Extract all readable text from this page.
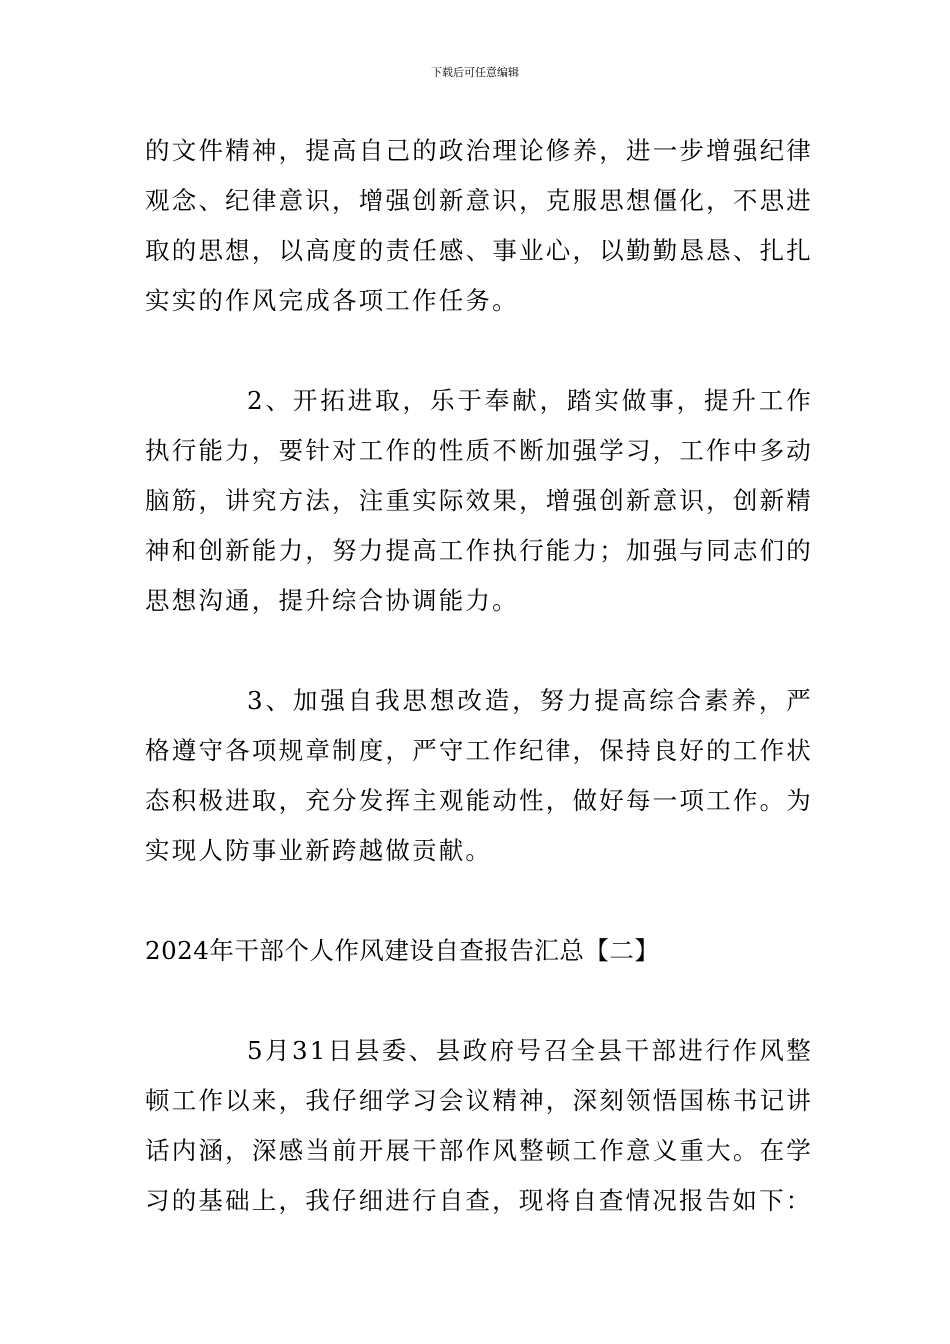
下载后可任意编辑

的文件精神，提高自己的政治理论修养，进一步增强纪律观念、纪律意识，增强创新意识，克服思想僵化，不思进取的思想，以高度的责任感、事业心，以勤勤恳恳、扎扎实实的作风完成各项工作任务。

2、开拓进取，乐于奉献，踏实做事，提升工作执行能力，要针对工作的性质不断加强学习，工作中多动脑筋，讲究方法，注重实际效果，增强创新意识，创新精神和创新能力，努力提高工作执行能力；加强与同志们的思想沟通，提升综合协调能力。

3、加强自我思想改造，努力提高综合素养，严格遵守各项规章制度，严守工作纪律，保持良好的工作状态积极进取，充分发挥主观能动性，做好每一项工作。为实现人防事业新跨越做贡献。

2024年干部个人作风建设自查报告汇总【二】

5月31日县委、县政府号召全县干部进行作风整顿工作以来，我仔细学习会议精神，深刻领悟国栋书记讲话内涵，深感当前开展干部作风整顿工作意义重大。在学习的基础上，我仔细进行自查，现将自查情况报告如下：
